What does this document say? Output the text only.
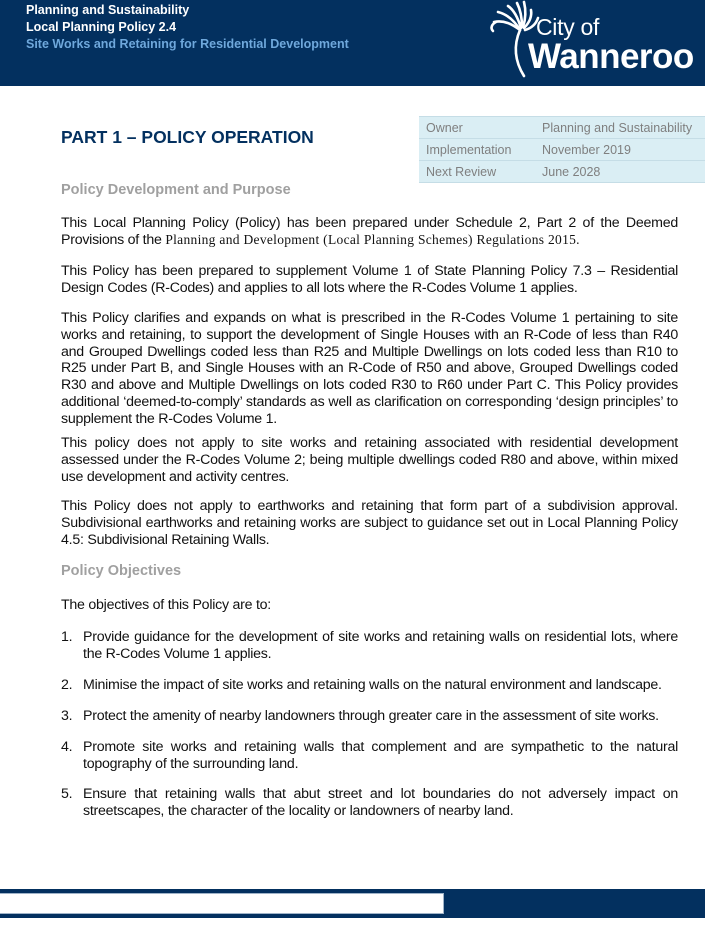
Planning and Sustainability
Local Planning Policy 2.4
Site Works and Retaining for Residential Development
City of
Wanneroo
Owner	Planning and Sustainability
Implementation	November 2019
Next Review	June 2028
PART 1 – POLICY OPERATION
Policy Development and Purpose
This Local Planning Policy (Policy) has been prepared under Schedule 2, Part 2 of the Deemed Provisions of the Planning and Development (Local Planning Schemes) Regulations 2015.
This Policy has been prepared to supplement Volume 1 of State Planning Policy 7.3 – Residential Design Codes (R-Codes) and applies to all lots where the R-Codes Volume 1 applies.
This Policy clarifies and expands on what is prescribed in the R-Codes Volume 1 pertaining to site works and retaining, to support the development of Single Houses with an R-Code of less than R40 and Grouped Dwellings coded less than R25 and Multiple Dwellings on lots coded less than R10 to R25 under Part B, and Single Houses with an R-Code of R50 and above, Grouped Dwellings coded R30 and above and Multiple Dwellings on lots coded R30 to R60 under Part C. This Policy provides additional ‘deemed-to-comply’ standards as well as clarification on corresponding ‘design principles’ to supplement the R-Codes Volume 1.
This policy does not apply to site works and retaining associated with residential development assessed under the R-Codes Volume 2; being multiple dwellings coded R80 and above, within mixed use development and activity centres.
This Policy does not apply to earthworks and retaining that form part of a subdivision approval. Subdivisional earthworks and retaining works are subject to guidance set out in Local Planning Policy 4.5: Subdivisional Retaining Walls.
Policy Objectives
The objectives of this Policy are to:
1. Provide guidance for the development of site works and retaining walls on residential lots, where the R-Codes Volume 1 applies.
2. Minimise the impact of site works and retaining walls on the natural environment and landscape.
3. Protect the amenity of nearby landowners through greater care in the assessment of site works.
4. Promote site works and retaining walls that complement and are sympathetic to the natural topography of the surrounding land.
5. Ensure that retaining walls that abut street and lot boundaries do not adversely impact on streetscapes, the character of the locality or landowners of nearby land.
